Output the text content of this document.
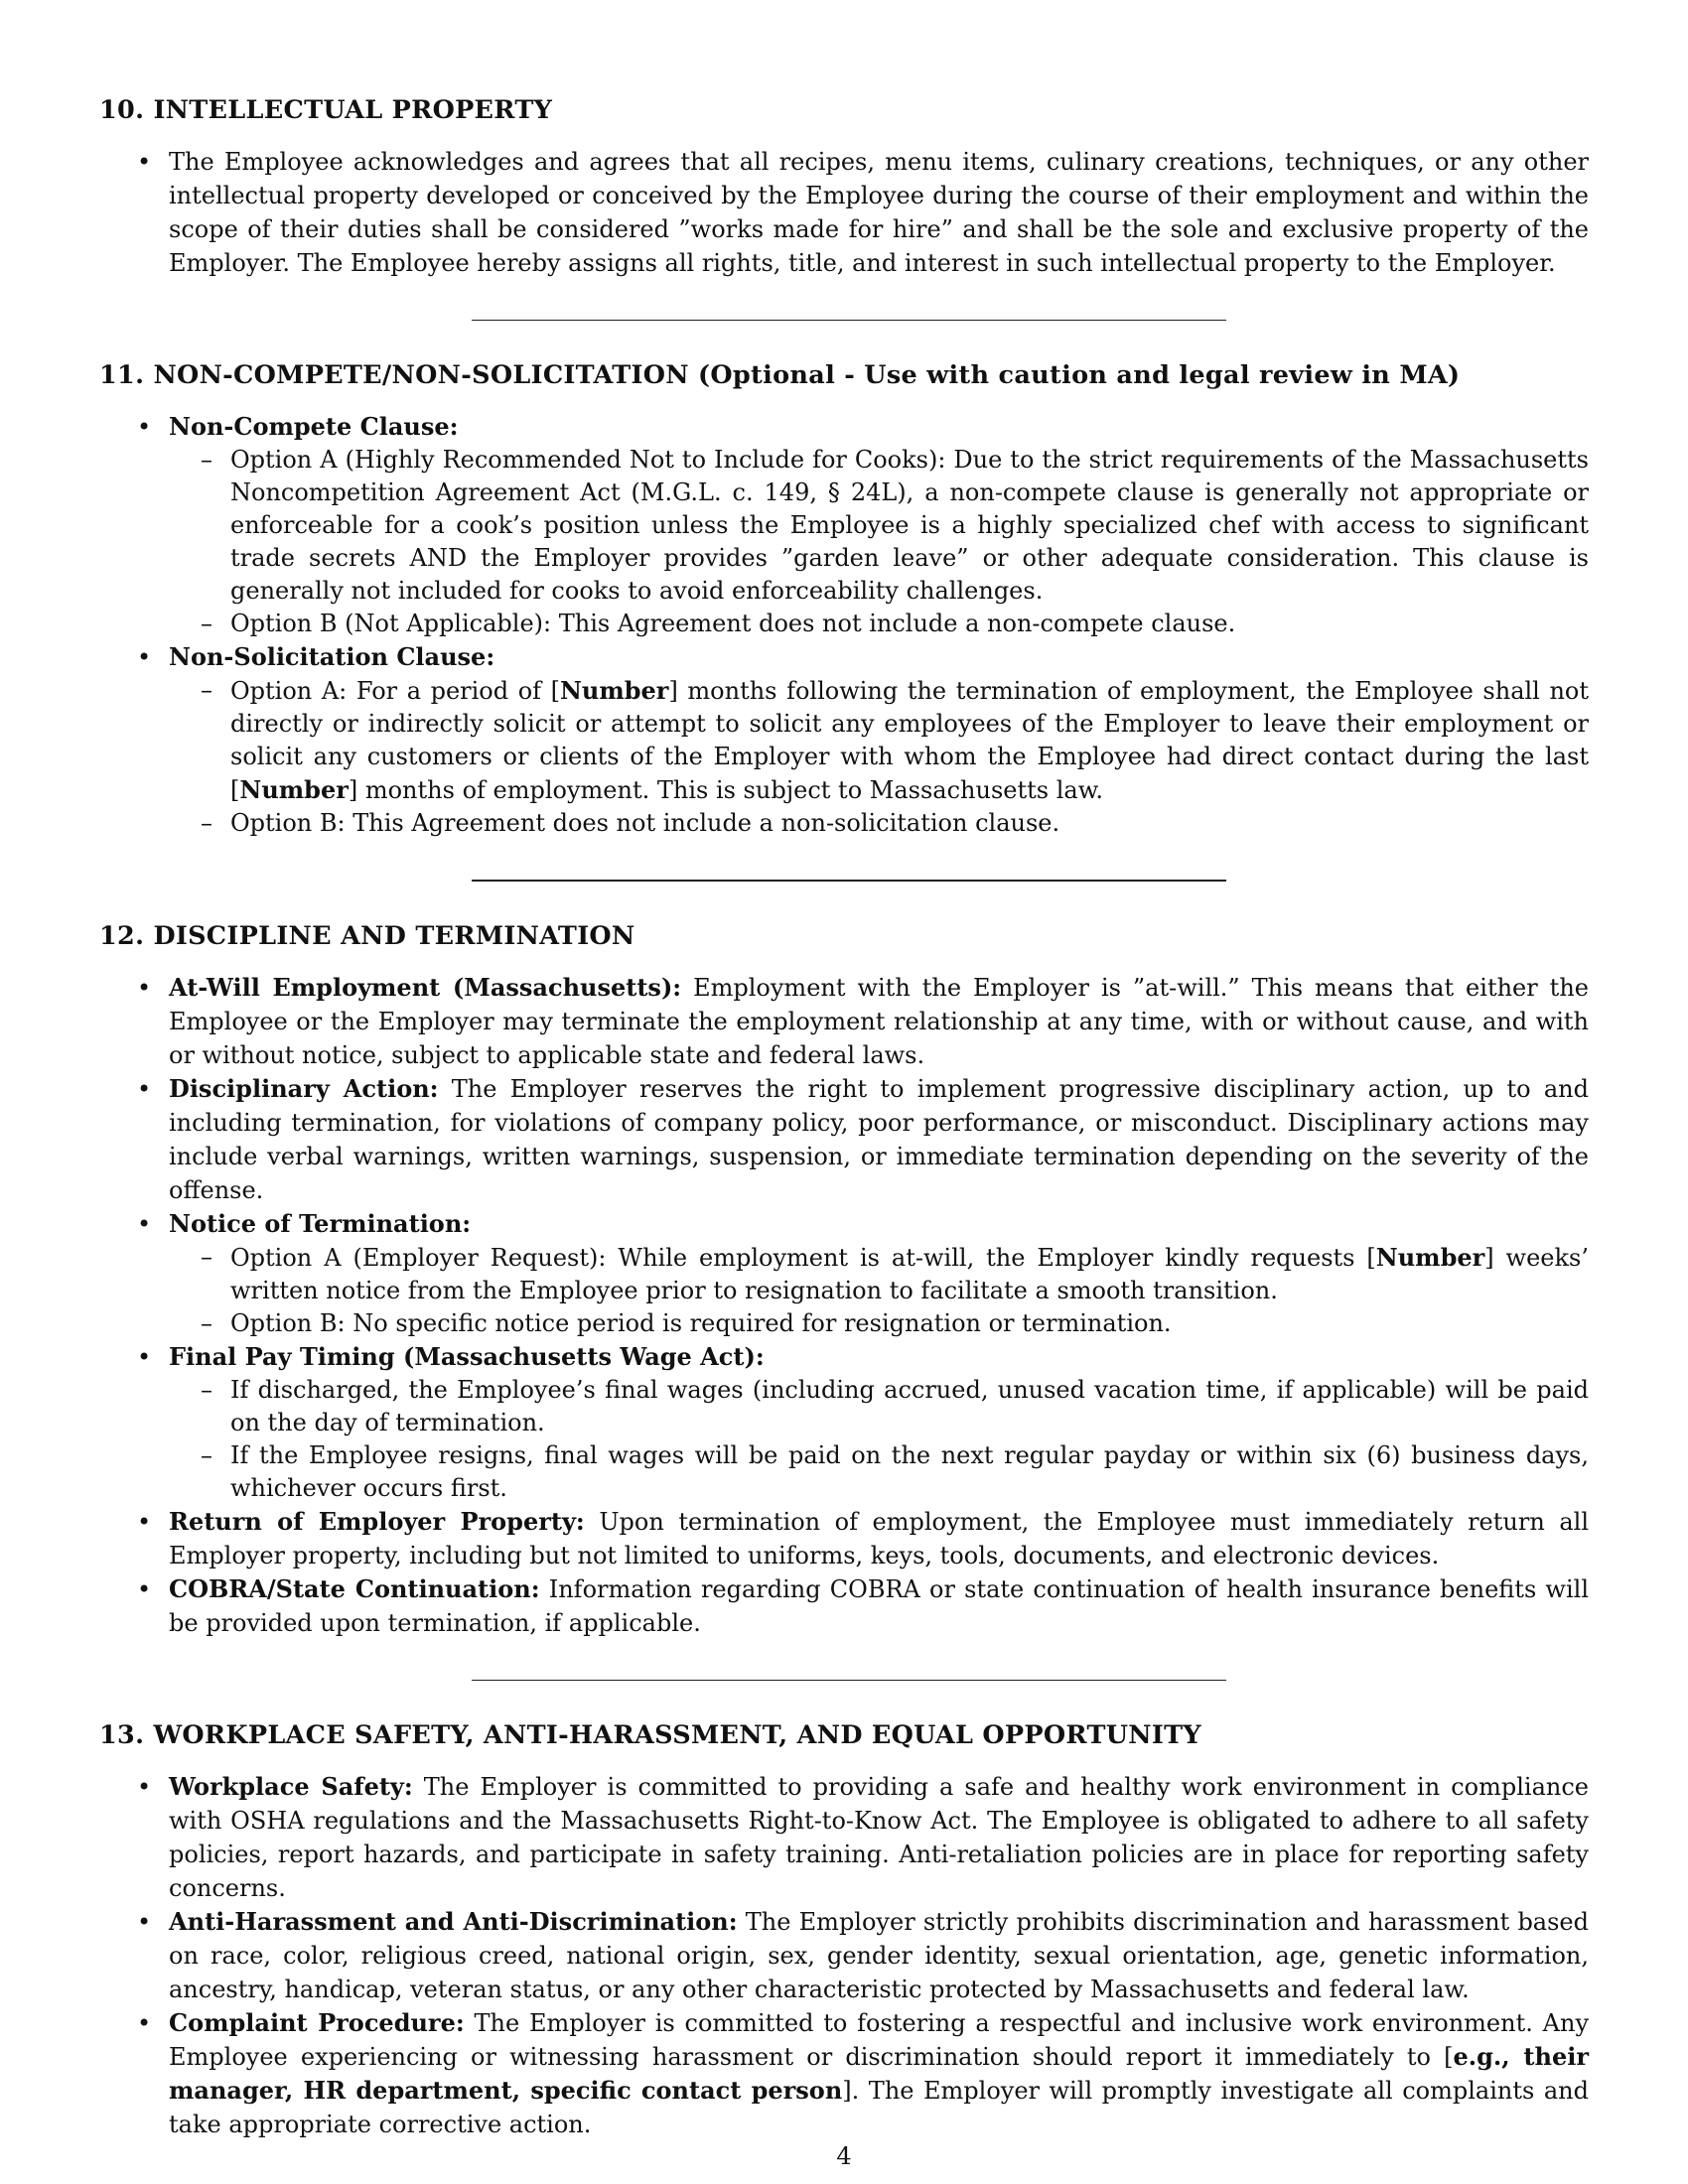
10. INTELLECTUAL PROPERTY
• The Employee acknowledges and agrees that all recipes, menu items, culinary creations, techniques, or any other intellectual property developed or conceived by the Employee during the course of their employment and within the scope of their duties shall be considered ”works made for hire” and shall be the sole and exclusive property of the Employer. The Employee hereby assigns all rights, title, and interest in such intellectual property to the Employer.
11. NON-COMPETE/NON-SOLICITATION (Optional - Use with caution and legal review in MA)
• Non-Compete Clause:
– Option A (Highly Recommended Not to Include for Cooks): Due to the strict requirements of the Massachusetts Noncompetition Agreement Act (M.G.L. c. 149, § 24L), a non-compete clause is generally not appropriate or enforceable for a cook’s position unless the Employee is a highly specialized chef with access to significant trade secrets AND the Employer provides ”garden leave” or other adequate consideration. This clause is generally not included for cooks to avoid enforceability challenges.
– Option B (Not Applicable): This Agreement does not include a non-compete clause.
• Non-Solicitation Clause:
– Option A: For a period of [Number] months following the termination of employment, the Employee shall not directly or indirectly solicit or attempt to solicit any employees of the Employer to leave their employment or solicit any customers or clients of the Employer with whom the Employee had direct contact during the last [Number] months of employment. This is subject to Massachusetts law.
– Option B: This Agreement does not include a non-solicitation clause.
12. DISCIPLINE AND TERMINATION
• At-Will Employment (Massachusetts): Employment with the Employer is ”at-will.” This means that either the Employee or the Employer may terminate the employment relationship at any time, with or without cause, and with or without notice, subject to applicable state and federal laws.
• Disciplinary Action: The Employer reserves the right to implement progressive disciplinary action, up to and including termination, for violations of company policy, poor performance, or misconduct. Disciplinary actions may include verbal warnings, written warnings, suspension, or immediate termination depending on the severity of the offense.
• Notice of Termination:
– Option A (Employer Request): While employment is at-will, the Employer kindly requests [Number] weeks’ written notice from the Employee prior to resignation to facilitate a smooth transition.
– Option B: No specific notice period is required for resignation or termination.
• Final Pay Timing (Massachusetts Wage Act):
– If discharged, the Employee’s final wages (including accrued, unused vacation time, if applicable) will be paid on the day of termination.
– If the Employee resigns, final wages will be paid on the next regular payday or within six (6) business days, whichever occurs first.
• Return of Employer Property: Upon termination of employment, the Employee must immediately return all Employer property, including but not limited to uniforms, keys, tools, documents, and electronic devices.
• COBRA/State Continuation: Information regarding COBRA or state continuation of health insurance benefits will be provided upon termination, if applicable.
13. WORKPLACE SAFETY, ANTI-HARASSMENT, AND EQUAL OPPORTUNITY
• Workplace Safety: The Employer is committed to providing a safe and healthy work environment in compliance with OSHA regulations and the Massachusetts Right-to-Know Act. The Employee is obligated to adhere to all safety policies, report hazards, and participate in safety training. Anti-retaliation policies are in place for reporting safety concerns.
• Anti-Harassment and Anti-Discrimination: The Employer strictly prohibits discrimination and harassment based on race, color, religious creed, national origin, sex, gender identity, sexual orientation, age, genetic information, ancestry, handicap, veteran status, or any other characteristic protected by Massachusetts and federal law.
• Complaint Procedure: The Employer is committed to fostering a respectful and inclusive work environment. Any Employee experiencing or witnessing harassment or discrimination should report it immediately to [e.g., their manager, HR department, specific contact person]. The Employer will promptly investigate all complaints and take appropriate corrective action.
4
